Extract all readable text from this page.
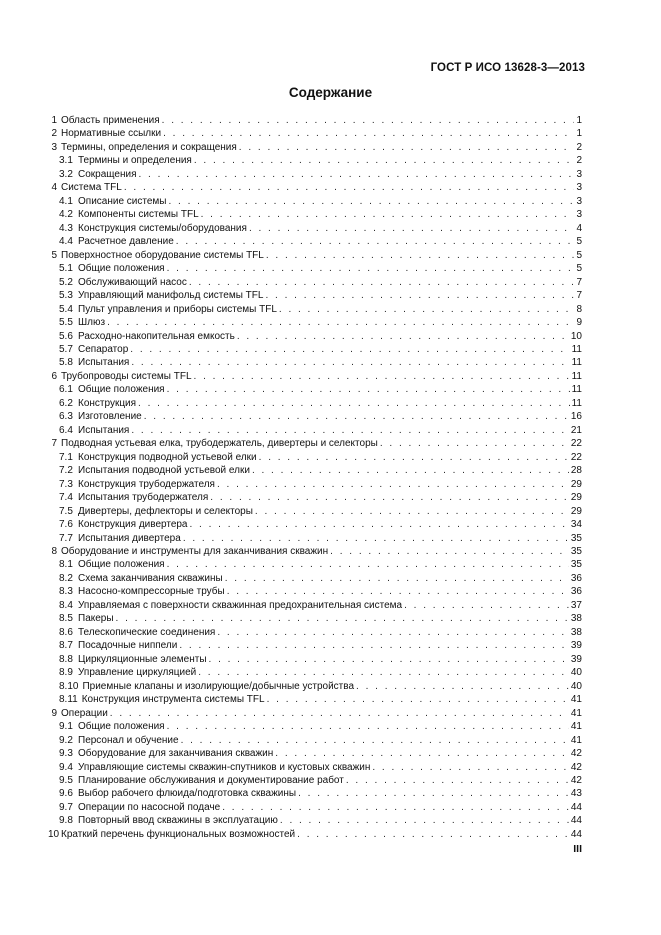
ГОСТ Р ИСО 13628-3—2013
Содержание
1 Область применения . . .	1
2 Нормативные ссылки . . .	1
3 Термины, определения и сокращения . . .	2
3.1 Термины и определения . . .	2
3.2 Сокращения . . .	3
4 Система TFL . . .	3
4.1 Описание системы . . .	3
4.2 Компоненты системы TFL . . .	3
4.3 Конструкция системы/оборудования . . .	4
4.4 Расчетное давление . . .	5
5 Поверхностное оборудование системы TFL . . .	5
5.1 Общие положения . . .	5
5.2 Обслуживающий насос . . .	7
5.3 Управляющий манифольд системы TFL . . .	7
5.4 Пульт управления и приборы системы TFL . . .	8
5.5 Шлюз . . .	9
5.6 Расходно-накопительная емкость . . .	10
5.7 Сепаратор . . .	11
5.8 Испытания . . .	11
6 Трубопроводы системы TFL . . .	11
6.1 Общие положения . . .	11
6.2 Конструкция . . .	11
6.3 Изготовление . . .	16
6.4 Испытания . . .	21
7 Подводная устьевая елка, трубодержатель, дивертеры и селекторы . . .	22
7.1 Конструкция подводной устьевой елки . . .	22
7.2 Испытания подводной устьевой елки . . .	28
7.3 Конструкция трубодержателя . . .	29
7.4 Испытания трубодержателя . . .	29
7.5 Дивертеры, дефлекторы и селекторы . . .	29
7.6 Конструкция дивертера . . .	34
7.7 Испытания дивертера . . .	35
8 Оборудование и инструменты для заканчивания скважин . . .	35
8.1 Общие положения . . .	35
8.2 Схема заканчивания скважины . . .	36
8.3 Насосно-компрессорные трубы . . .	36
8.4 Управляемая с поверхности скважинная предохранительная система . . .	37
8.5 Пакеры . . .	38
8.6 Телескопические соединения . . .	38
8.7 Посадочные ниппели . . .	39
8.8 Циркуляционные элементы . . .	39
8.9 Управление циркуляцией . . .	40
8.10 Приемные клапаны и изолирующие/добычные устройства . . .	40
8.11 Конструкция инструмента системы TFL . . .	41
9 Операции . . .	41
9.1 Общие положения . . .	41
9.2 Персонал и обучение . . .	41
9.3 Оборудование для заканчивания скважин . . .	42
9.4 Управляющие системы скважин-спутников и кустовых скважин . . .	42
9.5 Планирование обслуживания и документирование работ . . .	42
9.6 Выбор рабочего флюида/подготовка скважины . . .	43
9.7 Операции по насосной подаче . . .	44
9.8 Повторный ввод скважины в эксплуатацию . . .	44
10 Краткий перечень функциональных возможностей . . .	44
III
